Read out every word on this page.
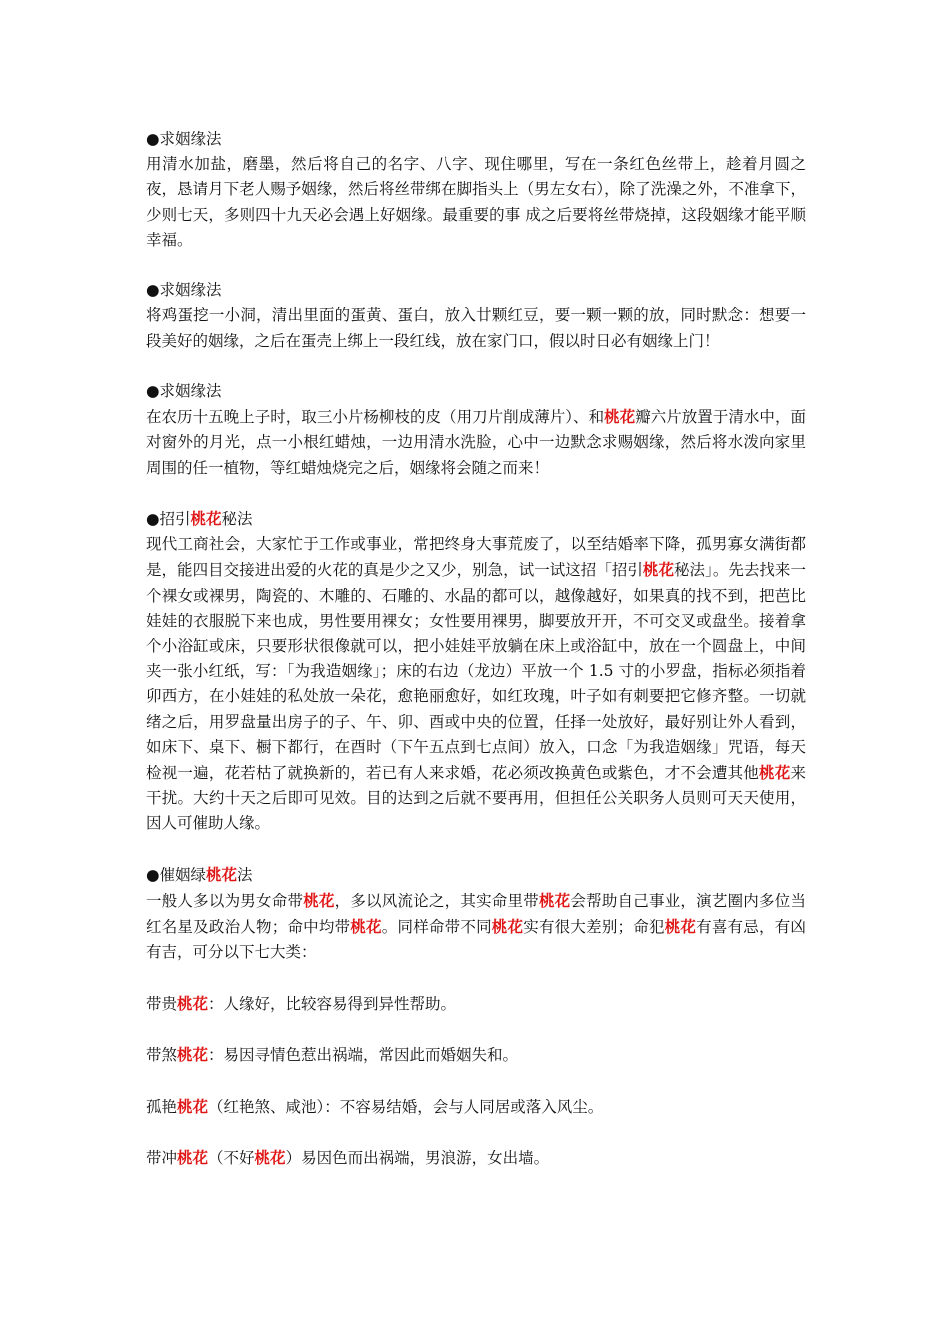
●求姻缘法

用清水加盐，磨墨，然后将自己的名字、八字、现住哪里，写在一条红色丝带上，趁着月圆之夜，恳请月下老人赐予姻缘，然后将丝带绑在脚指头上（男左女右），除了洗澡之外，不准拿下，少则七天，多则四十九天必会遇上好姻缘。最重要的事 成之后要将丝带烧掉，这段姻缘才能平顺幸福。

●求姻缘法

将鸡蛋挖一小洞，清出里面的蛋黄、蛋白，放入廿颗红豆，要一颗一颗的放，同时默念：想要一段美好的姻缘，之后在蛋壳上绑上一段红线，放在家门口，假以时日必有姻缘上门！

●求姻缘法

在农历十五晚上子时，取三小片杨柳枝的皮（用刀片削成薄片）、和桃花瓣六片放置于清水中，面对窗外的月光，点一小根红蜡烛，一边用清水洗脸，心中一边默念求赐姻缘，然后将水泼向家里周围的任一植物，等红蜡烛烧完之后，姻缘将会随之而来！

●招引桃花秘法

现代工商社会，大家忙于工作或事业，常把终身大事荒废了，以至结婚率下降，孤男寡女满街都是，能四目交接进出爱的火花的真是少之又少，别急，试一试这招「招引桃花秘法」。先去找来一个裸女或裸男，陶瓷的、木雕的、石雕的、水晶的都可以，越像越好，如果真的找不到，把芭比娃娃的衣服脱下来也成，男性要用裸女；女性要用裸男，脚要放开开，不可交叉或盘坐。接着拿个小浴缸或床，只要形状很像就可以，把小娃娃平放躺在床上或浴缸中，放在一个圆盘上，中间夹一张小红纸，写：「为我造姻缘」；床的右边（龙边）平放一个 1.5 寸的小罗盘，指标必须指着卯西方，在小娃娃的私处放一朵花，愈艳丽愈好，如红玫瑰，叶子如有刺要把它修齐整。一切就绪之后，用罗盘量出房子的子、午、卯、酉或中央的位置，任择一处放好，最好别让外人看到，如床下、桌下、橱下都行，在酉时（下午五点到七点间）放入，口念「为我造姻缘」咒语，每天检视一遍，花若枯了就换新的，若已有人来求婚，花必须改换黄色或紫色，才不会遭其他桃花来干扰。大约十天之后即可见效。目的达到之后就不要再用，但担任公关职务人员则可天天使用，因人可催助人缘。

●催姻绿桃花法

一般人多以为男女命带桃花，多以风流论之，其实命里带桃花会帮助自己事业，演艺圈内多位当红名星及政治人物；命中均带桃花。同样命带不同桃花实有很大差别；命犯桃花有喜有忌，有凶有吉，可分以下七大类：

带贵桃花：人缘好，比较容易得到异性帮助。

带煞桃花：易因寻情色惹出祸端，常因此而婚姻失和。

孤艳桃花（红艳煞、咸池）：不容易结婚，会与人同居或落入风尘。

带冲桃花（不好桃花）易因色而出祸端，男浪游，女出墙。
